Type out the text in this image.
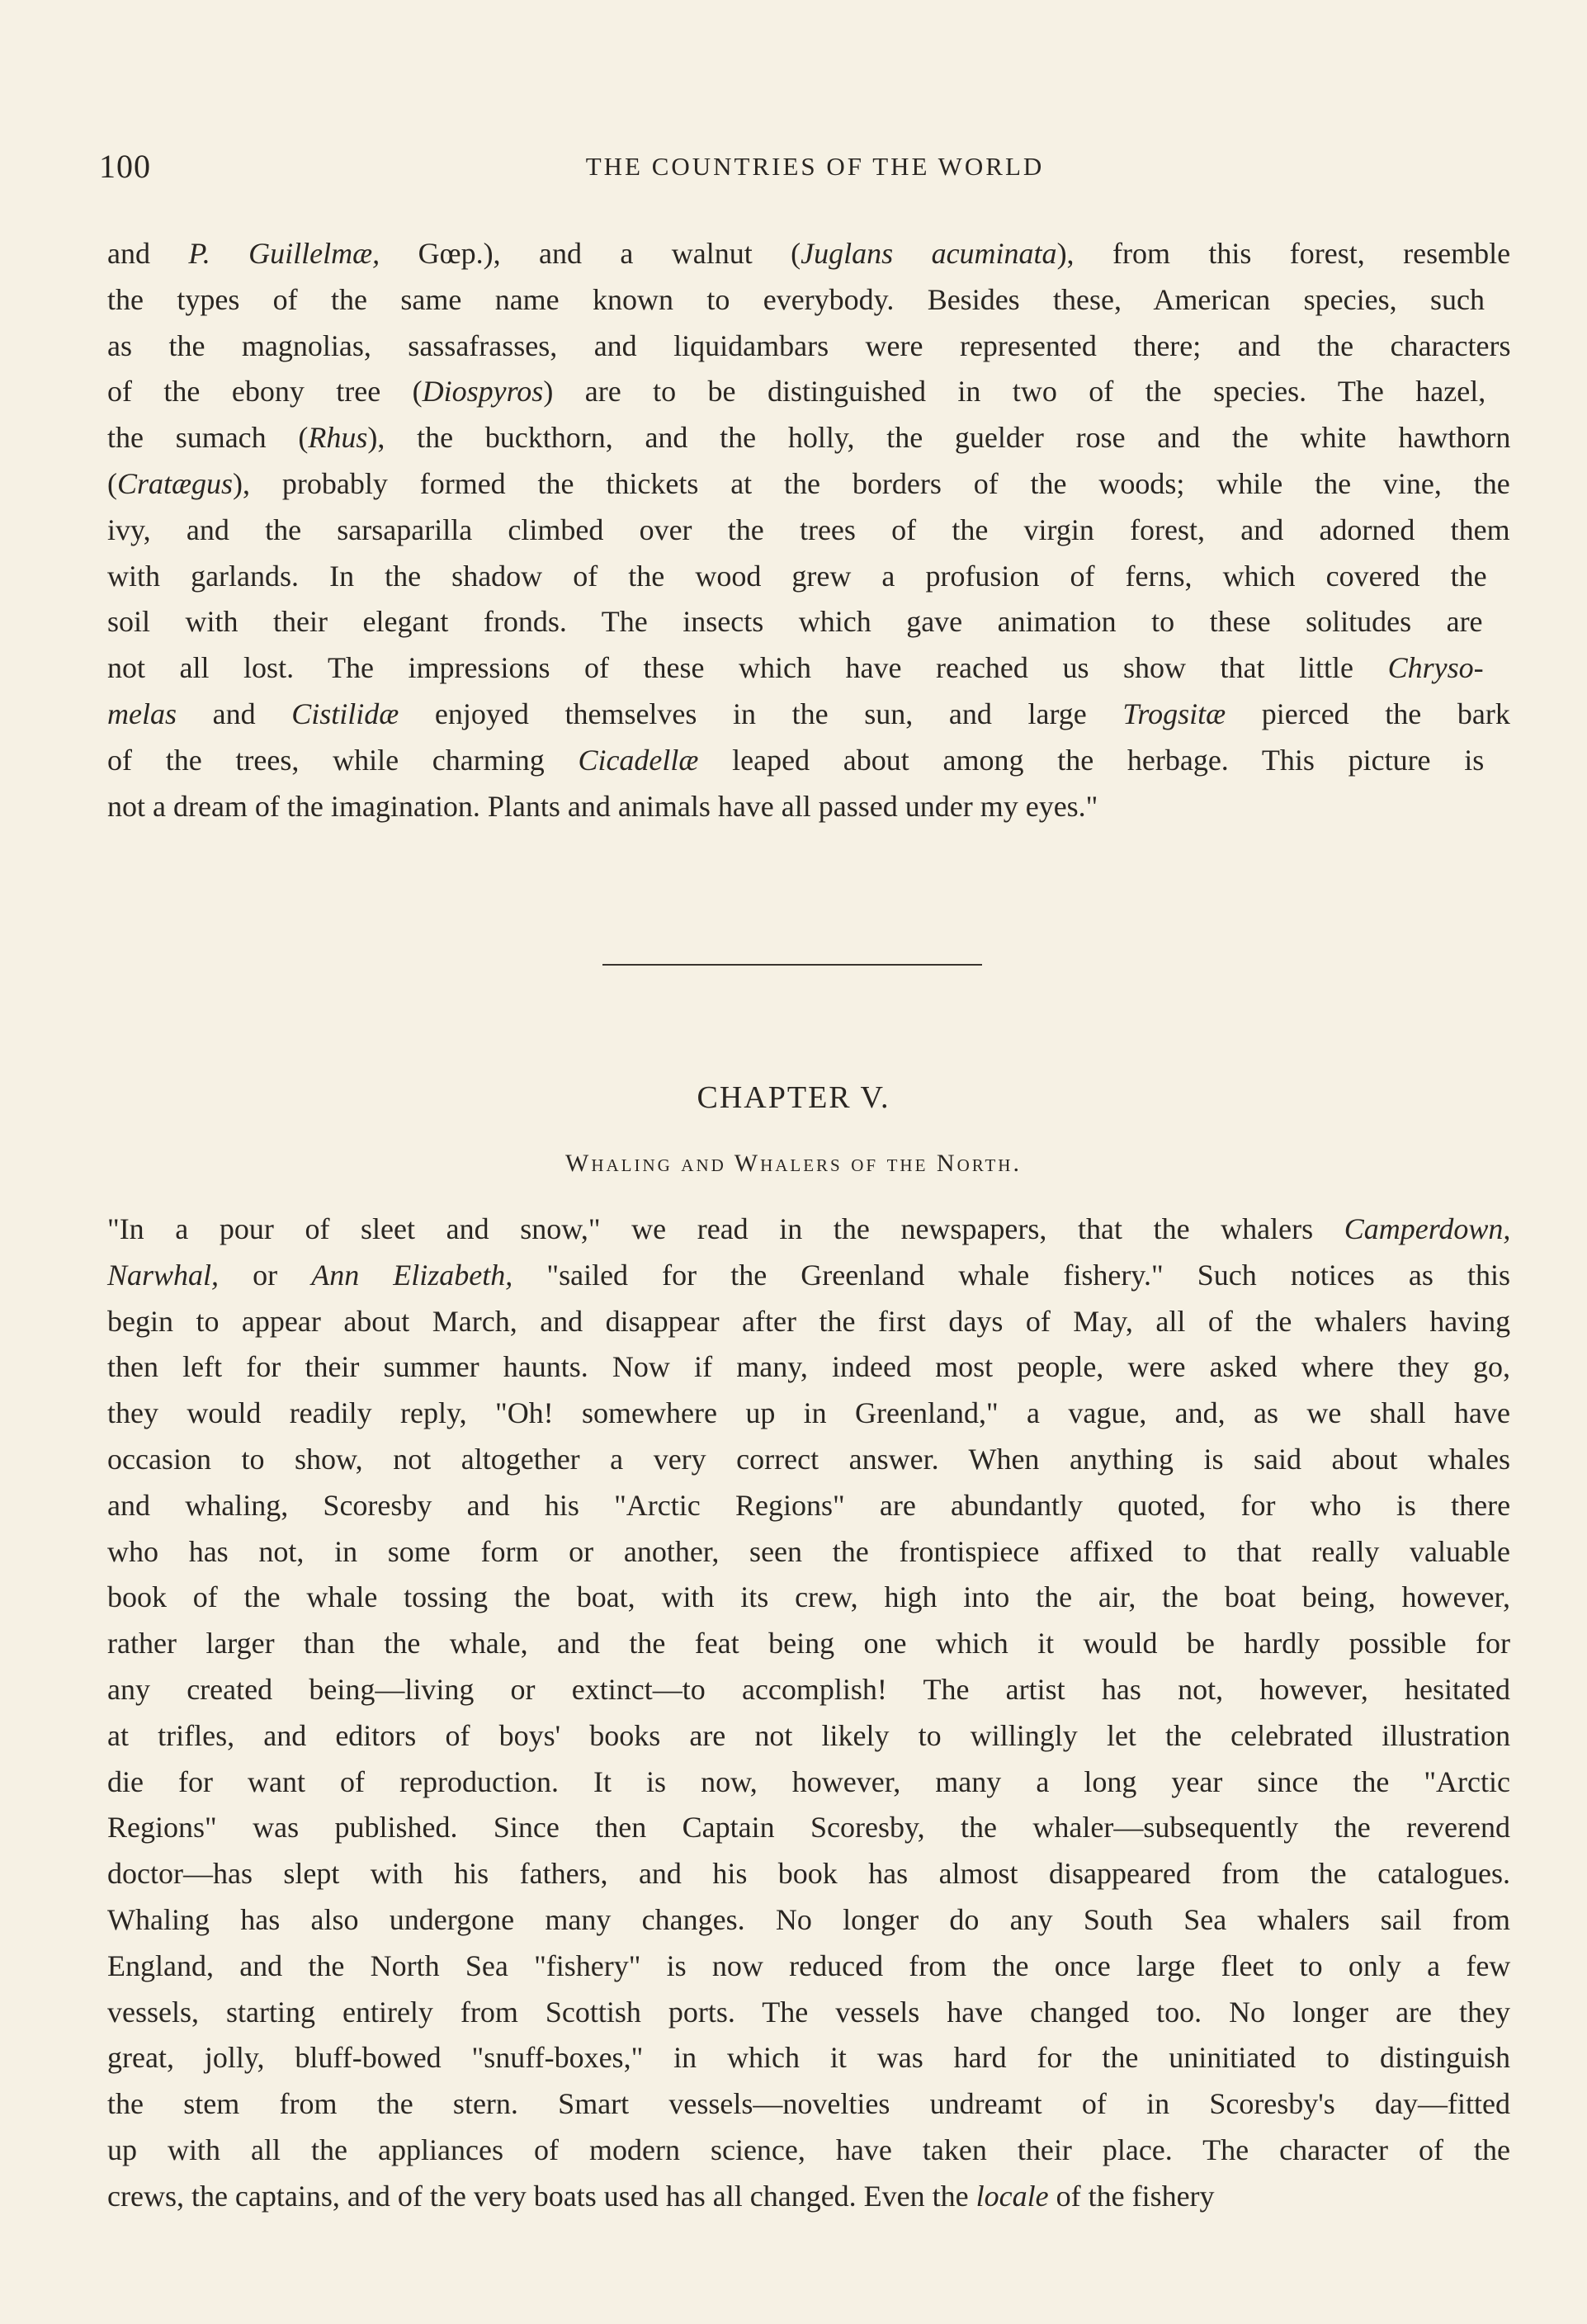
100	THE COUNTRIES OF THE WORLD
and P. Guillelmæ, Gœp.), and a walnut (Juglans acuminata), from this forest, resemble
the types of the same name known to everybody. Besides these, American species, such
as the magnolias, sassafrasses, and liquidambars were represented there; and the characters
of the ebony tree (Diospyros) are to be distinguished in two of the species. The hazel,
the sumach (Rhus), the buckthorn, and the holly, the guelder rose and the white hawthorn
(Cratægus), probably formed the thickets at the borders of the woods; while the vine, the
ivy, and the sarsaparilla climbed over the trees of the virgin forest, and adorned them
with garlands. In the shadow of the wood grew a profusion of ferns, which covered the
soil with their elegant fronds. The insects which gave animation to these solitudes are
not all lost. The impressions of these which have reached us show that little Chryso-
melas and Cistilidæ enjoyed themselves in the sun, and large Trogsitæ pierced the bark
of the trees, while charming Cicadellæ leaped about among the herbage. This picture is
not a dream of the imagination. Plants and animals have all passed under my eyes."
CHAPTER V.
Whaling and Whalers of the North.
"In a pour of sleet and snow," we read in the newspapers, that the whalers Camperdown,
Narwhal, or Ann Elizabeth, "sailed for the Greenland whale fishery." Such notices as this
begin to appear about March, and disappear after the first days of May, all of the whalers having
then left for their summer haunts. Now if many, indeed most people, were asked where they go,
they would readily reply, "Oh! somewhere up in Greenland," a vague, and, as we shall have
occasion to show, not altogether a very correct answer. When anything is said about whales
and whaling, Scoresby and his "Arctic Regions" are abundantly quoted, for who is there
who has not, in some form or another, seen the frontispiece affixed to that really valuable
book of the whale tossing the boat, with its crew, high into the air, the boat being, however,
rather larger than the whale, and the feat being one which it would be hardly possible for
any created being—living or extinct—to accomplish! The artist has not, however, hesitated
at trifles, and editors of boys' books are not likely to willingly let the celebrated illustration
die for want of reproduction. It is now, however, many a long year since the "Arctic
Regions" was published. Since then Captain Scoresby, the whaler—subsequently the reverend
doctor—has slept with his fathers, and his book has almost disappeared from the catalogues.
Whaling has also undergone many changes. No longer do any South Sea whalers sail from
England, and the North Sea "fishery" is now reduced from the once large fleet to only a few
vessels, starting entirely from Scottish ports. The vessels have changed too. No longer are they
great, jolly, bluff-bowed "snuff-boxes," in which it was hard for the uninitiated to distinguish
the stem from the stern. Smart vessels—novelties undreamt of in Scoresby's day—fitted
up with all the appliances of modern science, have taken their place. The character of the
crews, the captains, and of the very boats used has all changed. Even the locale of the fishery
